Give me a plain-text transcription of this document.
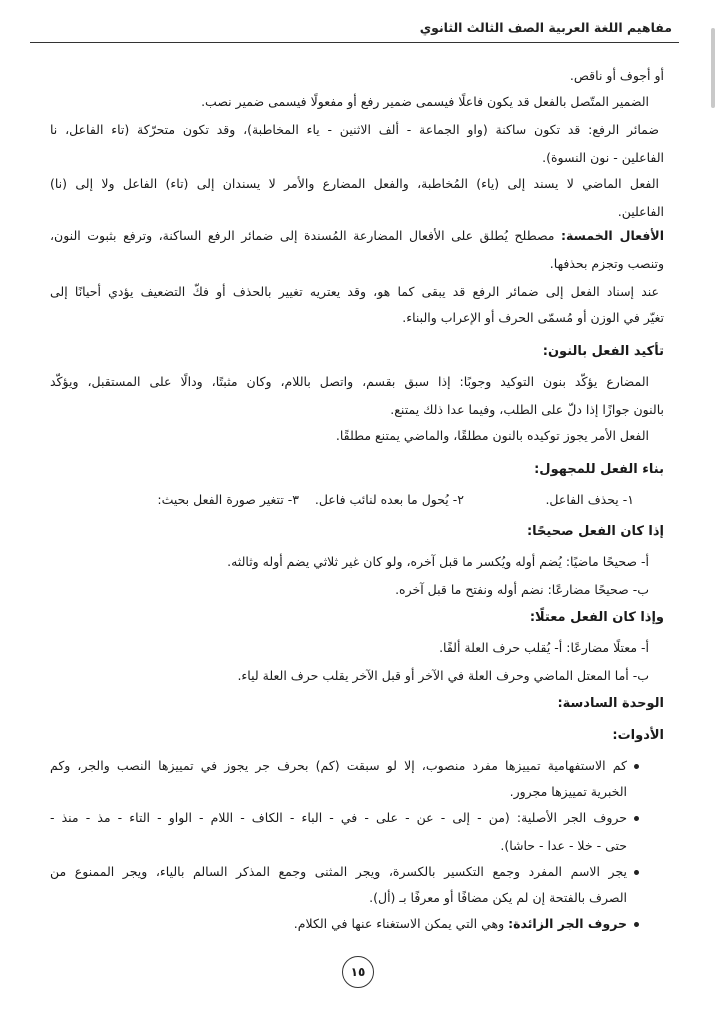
مفاهيم اللغة العربية الصف الثالث الثانوي
أو أجوف أو ناقص.
الضمير المتّصل بالفعل قد يكون فاعلًا فيسمى ضمير رفع أو مفعولًا فيسمى ضمير نصب.
ضمائر الرفع: قد تكون ساكنة (واو الجماعة - ألف الاثنين - ياء المخاطبة)، وقد تكون متحرّكة (تاء الفاعل، نا
الفاعلين - نون النسوة).
الفعل الماضي لا يسند إلى (ياء) المُخاطبة، والفعل المضارع والأمر لا يسندان إلى (تاء) الفاعل ولا إلى (نا)
الفاعلين.
الأفعال الخمسة: مصطلح يُطلق على الأفعال المضارعة المُسندة إلى ضمائر الرفع الساكنة، وترفع بثبوت النون،
وتنصب وتجزم بحذفها.
عند إسناد الفعل إلى ضمائر الرفع قد يبقى كما هو، وقد يعتريه تغيير بالحذف أو فكّ التضعيف يؤدي أحيانًا إلى
تغيّر في الوزن أو مُسمّى الحرف أو الإعراب والبناء.
تأكيد الفعل بالنون:
المضارع يؤكّد بنون التوكيد وجوبًا: إذا سبق بقسم، واتصل باللام، وكان مثبتًا، ودالًا على المستقبل، ويؤكّد
بالنون جوازًا إذا دلّ على الطلب، وفيما عدا ذلك يمتنع.
الفعل الأمر يجوز توكيده بالنون مطلقًا، والماضي يمتنع مطلقًا.
بناء الفعل للمجهول:
١- يحذف الفاعل.
٢- يُحول ما بعده لنائب فاعل.
٣- تتغير صورة الفعل بحيث:
إذا كان الفعل صحيحًا:
أ- صحيحًا ماضيًا: يُضم أوله ويُكسر ما قبل آخره، ولو كان غير ثلاثي يضم أوله وثالثه.
ب- صحيحًا مضارعًا: نضم أوله ونفتح ما قبل آخره.
وإذا كان الفعل معتلًا:
أ- معتلًا مضارعًا: أ- يُقلب حرف العلة ألفًا.
ب- أما المعتل الماضي وحرف العلة في الآخر أو قبل الآخر يقلب حرف العلة لياء.
الوحدة السادسة:
الأدوات:
كم الاستفهامية تمييزها مفرد منصوب، إلا لو سبقت (كم) بحرف جر يجوز في تمييزها النصب والجر، وكم
الخبرية تمييزها مجرور.
حروف الجر الأصلية: (من - إلى - عن - على - في - الباء - الكاف - اللام - الواو - التاء - مذ - منذ -
حتى - خلا - عدا - حاشا).
يجر الاسم المفرد وجمع التكسير بالكسرة، ويجر المثنى وجمع المذكر السالم بالياء، ويجر الممنوع من
الصرف بالفتحة إن لم يكن مضافًا أو معرفًا بـ (أل).
حروف الجر الزائدة: وهي التي يمكن الاستغناء عنها في الكلام.
١٥
